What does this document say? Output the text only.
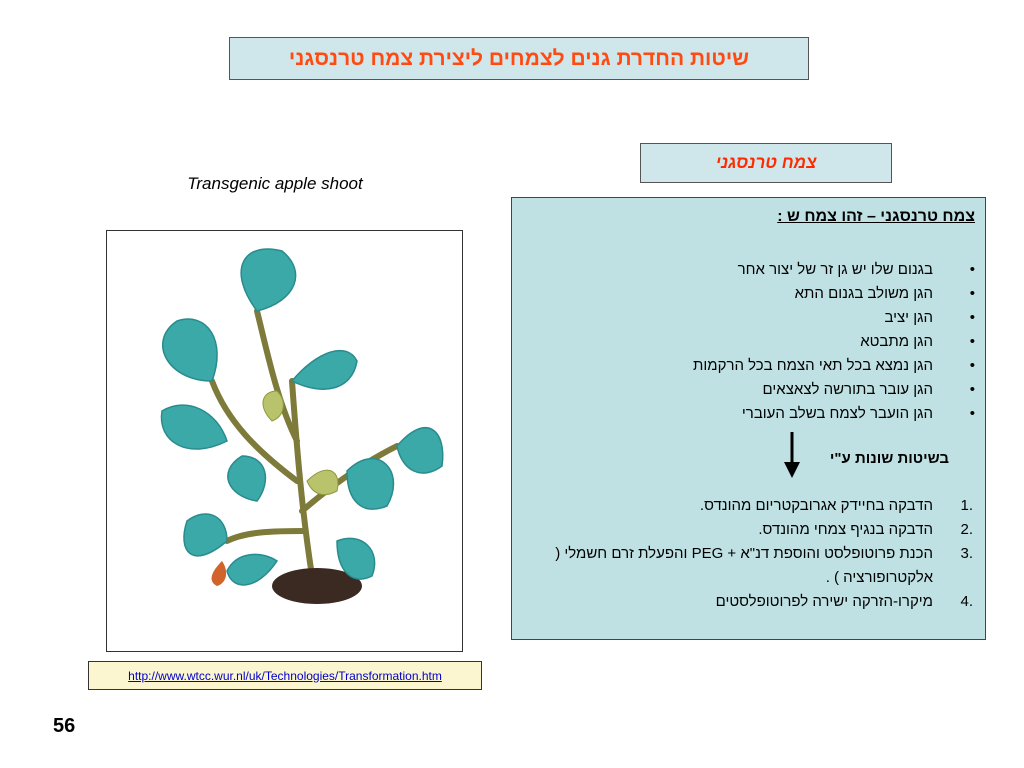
שיטות החדרת גנים לצמחים ליצירת צמח טרנסגני
צמח טרנסגני
Transgenic apple shoot
http://www.wtcc.wur.nl/uk/Technologies/Transformation.htm
56
צמח טרנסגני – זהו צמח ש :
• בגנום שלו יש גן זר של יצור אחר
• הגן משולב בגנום התא
• הגן יציב
• הגן מתבטא
• הגן נמצא בכל תאי הצמח בכל הרקמות
• הגן עובר בתורשה לצאצאים
• הגן הועבר לצמח בשלב העוברי
בשיטות שונות ע"י
1.
הדבקה בחיידק אגרובקטריום מהונדס.
2.
הדבקה בנגיף צמחי מהונדס.
3.
הכנת פרוטופלסט והוספת דנ"א + PEG והפעלת זרם חשמלי ( אלקטרופורציה ) .
4.
מיקרו-הזרקה ישירה לפרוטופלסטים
